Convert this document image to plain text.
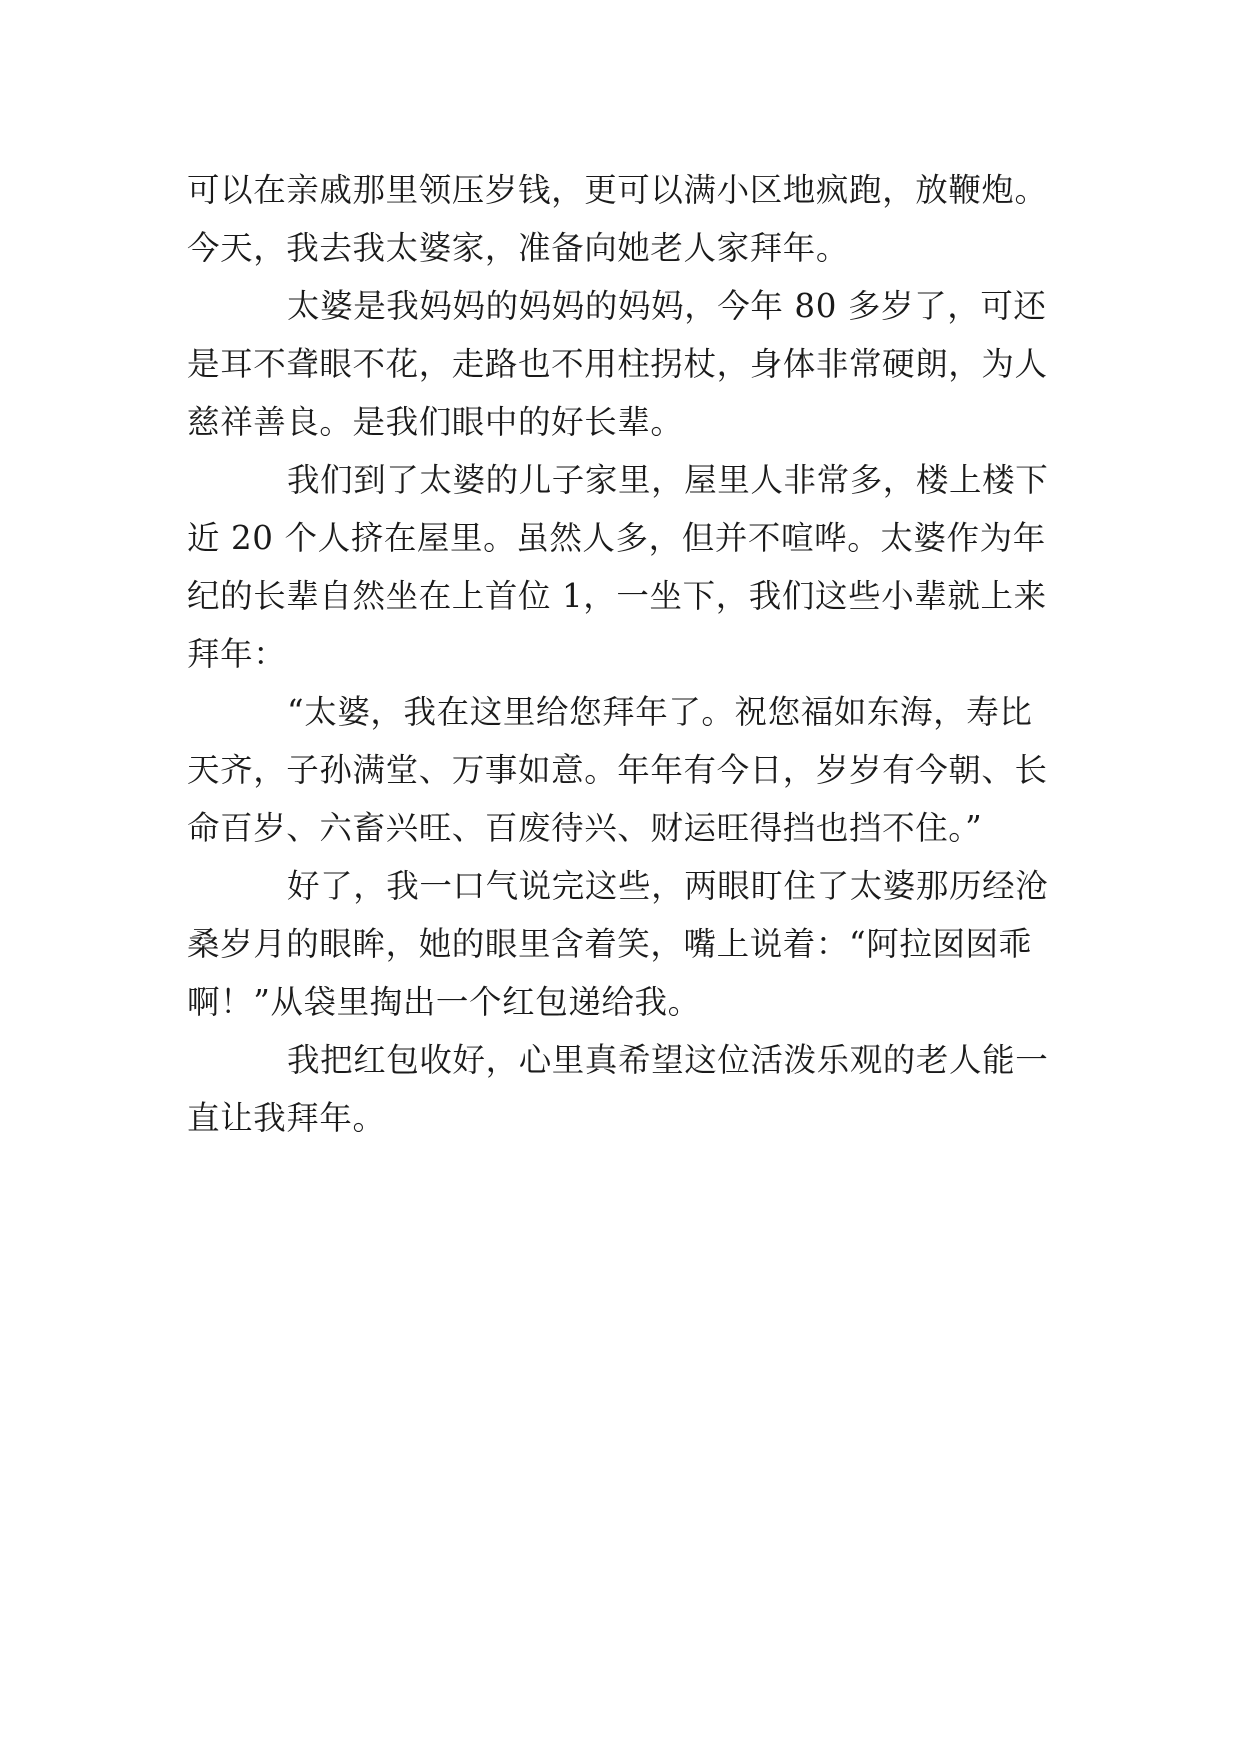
可以在亲戚那里领压岁钱，更可以满小区地疯跑，放鞭炮。
今天，我去我太婆家，准备向她老人家拜年。
太婆是我妈妈的妈妈的妈妈，今年 80 多岁了，可还
是耳不聋眼不花，走路也不用柱拐杖，身体非常硬朗，为人
慈祥善良。是我们眼中的好长辈。
我们到了太婆的儿子家里，屋里人非常多，楼上楼下
近 20 个人挤在屋里。虽然人多，但并不喧哗。太婆作为年
纪的长辈自然坐在上首位 1，一坐下，我们这些小辈就上来
拜年：
“太婆，我在这里给您拜年了。祝您福如东海，寿比
天齐，子孙满堂、万事如意。年年有今日，岁岁有今朝、长
命百岁、六畜兴旺、百废待兴、财运旺得挡也挡不住。”
好了，我一口气说完这些，两眼盯住了太婆那历经沧
桑岁月的眼眸，她的眼里含着笑，嘴上说着：“阿拉囡囡乖
啊！”从袋里掏出一个红包递给我。
我把红包收好，心里真希望这位活泼乐观的老人能一
直让我拜年。
